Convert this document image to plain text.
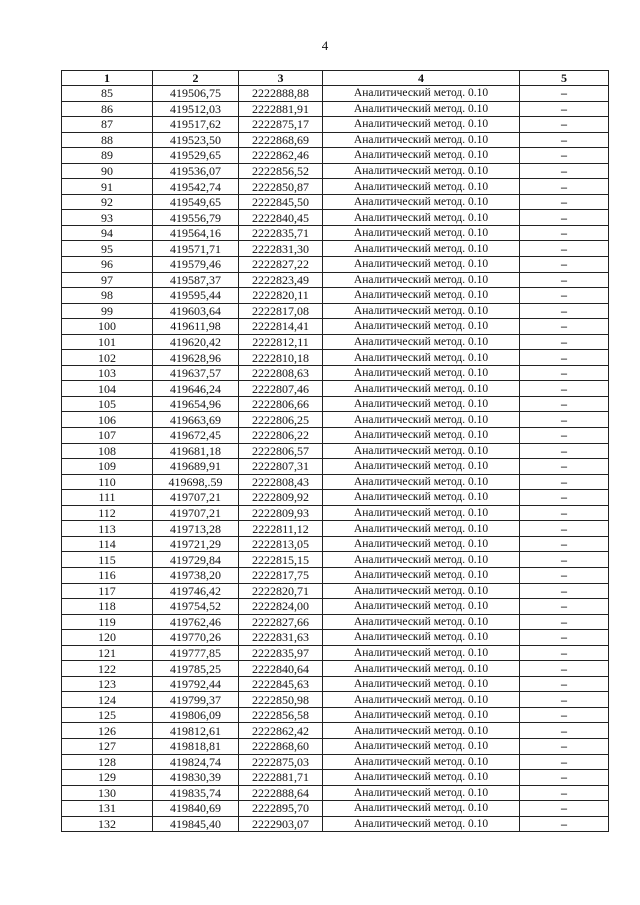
4
1	2	3	4	5
85	419506,75	2222888,88	Аналитический метод. 0.10	–
86	419512,03	2222881,91	Аналитический метод. 0.10	–
87	419517,62	2222875,17	Аналитический метод. 0.10	–
88	419523,50	2222868,69	Аналитический метод. 0.10	–
89	419529,65	2222862,46	Аналитический метод. 0.10	–
90	419536,07	2222856,52	Аналитический метод. 0.10	–
91	419542,74	2222850,87	Аналитический метод. 0.10	–
92	419549,65	2222845,50	Аналитический метод. 0.10	–
93	419556,79	2222840,45	Аналитический метод. 0.10	–
94	419564,16	2222835,71	Аналитический метод. 0.10	–
95	419571,71	2222831,30	Аналитический метод. 0.10	–
96	419579,46	2222827,22	Аналитический метод. 0.10	–
97	419587,37	2222823,49	Аналитический метод. 0.10	–
98	419595,44	2222820,11	Аналитический метод. 0.10	–
99	419603,64	2222817,08	Аналитический метод. 0.10	–
100	419611,98	2222814,41	Аналитический метод. 0.10	–
101	419620,42	2222812,11	Аналитический метод. 0.10	–
102	419628,96	2222810,18	Аналитический метод. 0.10	–
103	419637,57	2222808,63	Аналитический метод. 0.10	–
104	419646,24	2222807,46	Аналитический метод. 0.10	–
105	419654,96	2222806,66	Аналитический метод. 0.10	–
106	419663,69	2222806,25	Аналитический метод. 0.10	–
107	419672,45	2222806,22	Аналитический метод. 0.10	–
108	419681,18	2222806,57	Аналитический метод. 0.10	–
109	419689,91	2222807,31	Аналитический метод. 0.10	–
110	419698,.59	2222808,43	Аналитический метод. 0.10	–
111	419707,21	2222809,92	Аналитический метод. 0.10	–
112	419707,21	2222809,93	Аналитический метод. 0.10	–
113	419713,28	2222811,12	Аналитический метод. 0.10	–
114	419721,29	2222813,05	Аналитический метод. 0.10	–
115	419729,84	2222815,15	Аналитический метод. 0.10	–
116	419738,20	2222817,75	Аналитический метод. 0.10	–
117	419746,42	2222820,71	Аналитический метод. 0.10	–
118	419754,52	2222824,00	Аналитический метод. 0.10	–
119	419762,46	2222827,66	Аналитический метод. 0.10	–
120	419770,26	2222831,63	Аналитический метод. 0.10	–
121	419777,85	2222835,97	Аналитический метод. 0.10	–
122	419785,25	2222840,64	Аналитический метод. 0.10	–
123	419792,44	2222845,63	Аналитический метод. 0.10	–
124	419799,37	2222850,98	Аналитический метод. 0.10	–
125	419806,09	2222856,58	Аналитический метод. 0.10	–
126	419812,61	2222862,42	Аналитический метод. 0.10	–
127	419818,81	2222868,60	Аналитический метод. 0.10	–
128	419824,74	2222875,03	Аналитический метод. 0.10	–
129	419830,39	2222881,71	Аналитический метод. 0.10	–
130	419835,74	2222888,64	Аналитический метод. 0.10	–
131	419840,69	2222895,70	Аналитический метод. 0.10	–
132	419845,40	2222903,07	Аналитический метод. 0.10	–
